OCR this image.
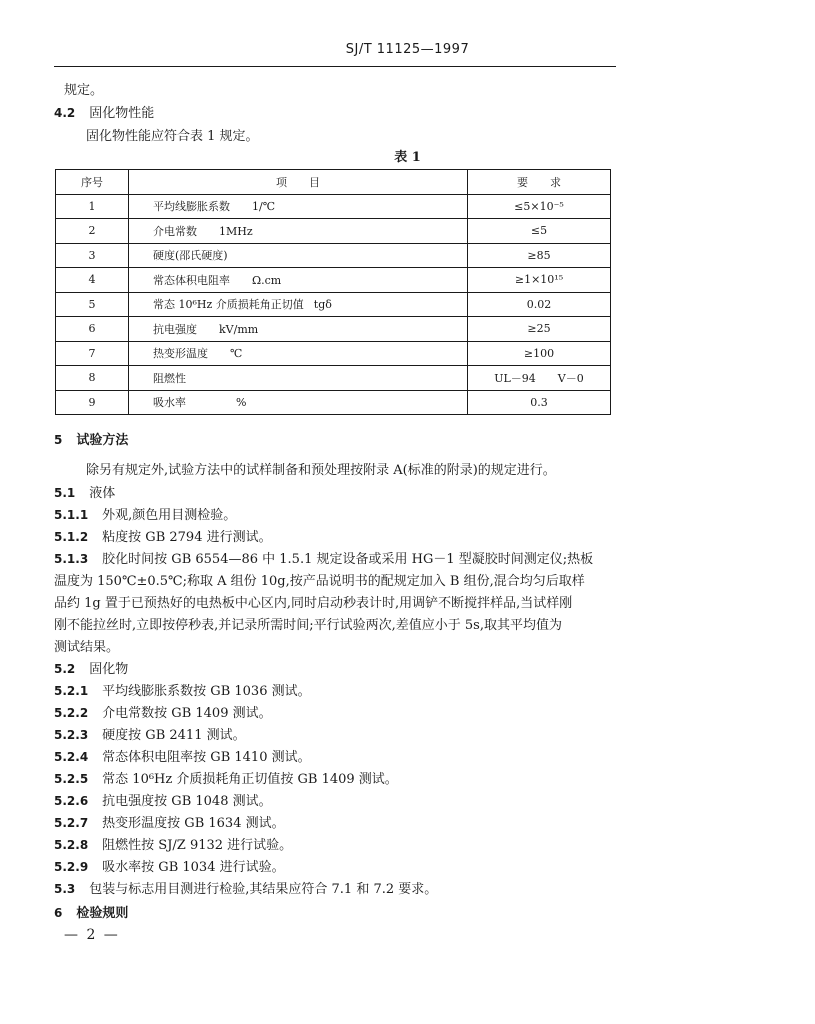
SJ/T 11125—1997
规定。
4.2 固化物性能
固化物性能应符合表 1 规定。
表 1
序号	项　　目	要　　求
1	平均线膨胀系数 1/℃	≤5×10⁻⁵
2	介电常数 1MHz	≤5
3	硬度(邵氏硬度)	≥85
4	常态体积电阻率 Ω.cm	≥1×10¹⁵
5	常态 10⁶Hz 介质损耗角正切值 tgδ	0.02
6	抗电强度 kV/mm	≥25
7	热变形温度 ℃	≥100
8	阻燃性	UL－94　　V－0
9	吸水率 %	0.3
5 试验方法
除另有规定外,试验方法中的试样制备和预处理按附录 A(标准的附录)的规定进行。
5.1 液体
5.1.1 外观,颜色用目测检验。
5.1.2 粘度按 GB 2794 进行测试。
5.1.3 胶化时间按 GB 6554—86 中 1.5.1 规定设备或采用 HG－1 型凝胶时间测定仪;热板
温度为 150℃±0.5℃;称取 A 组份 10g,按产品说明书的配规定加入 B 组份,混合均匀后取样
品约 1g 置于已预热好的电热板中心区内,同时启动秒表计时,用调铲不断搅拌样品,当试样刚
刚不能拉丝时,立即按停秒表,并记录所需时间;平行试验两次,差值应小于 5s,取其平均值为
测试结果。
5.2 固化物
5.2.1 平均线膨胀系数按 GB 1036 测试。
5.2.2 介电常数按 GB 1409 测试。
5.2.3 硬度按 GB 2411 测试。
5.2.4 常态体积电阻率按 GB 1410 测试。
5.2.5 常态 10⁶Hz 介质损耗角正切值按 GB 1409 测试。
5.2.6 抗电强度按 GB 1048 测试。
5.2.7 热变形温度按 GB 1634 测试。
5.2.8 阻燃性按 SJ/Z 9132 进行试验。
5.2.9 吸水率按 GB 1034 进行试验。
5.3 包装与标志用目测进行检验,其结果应符合 7.1 和 7.2 要求。
6 检验规则
— 2 —
